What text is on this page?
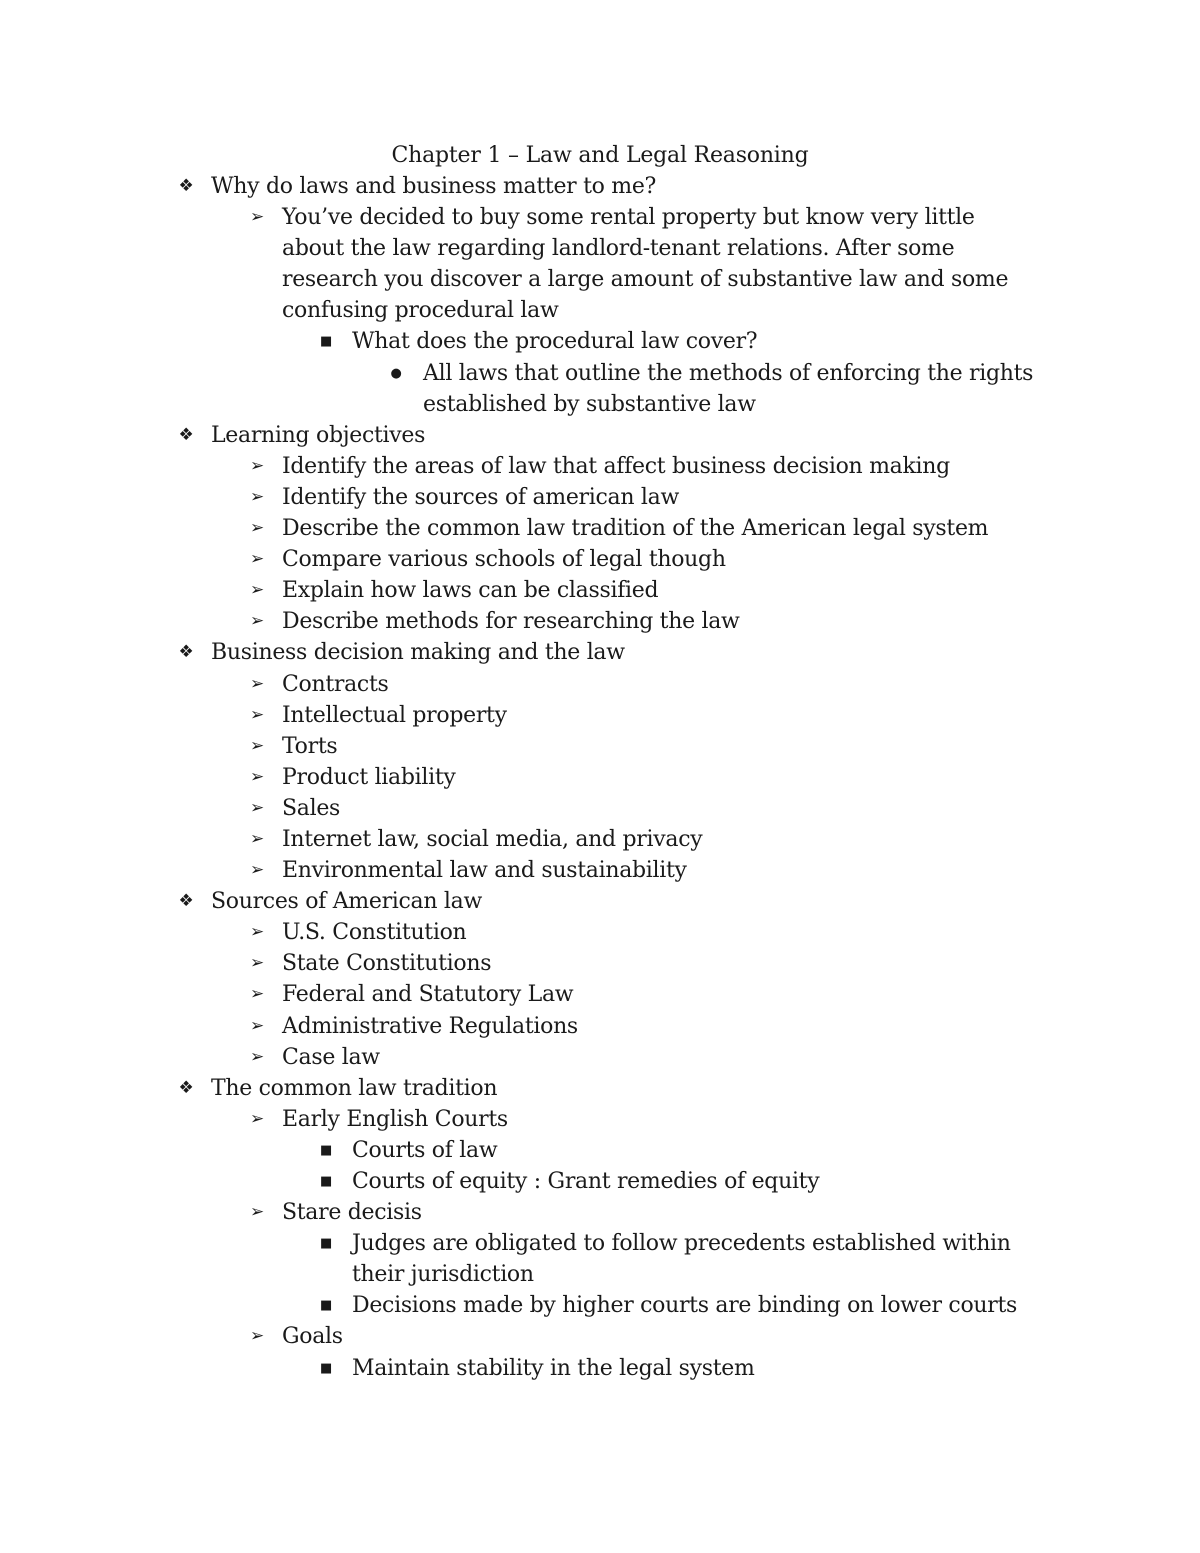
Chapter 1 – Law and Legal Reasoning
❖ Why do laws and business matter to me?
➢ You’ve decided to buy some rental property but know very little about the law regarding landlord-tenant relations. After some research you discover a large amount of substantive law and some confusing procedural law
■ What does the procedural law cover?
● All laws that outline the methods of enforcing the rights established by substantive law
❖ Learning objectives
➢ Identify the areas of law that affect business decision making
➢ Identify the sources of american law
➢ Describe the common law tradition of the American legal system
➢ Compare various schools of legal though
➢ Explain how laws can be classified
➢ Describe methods for researching the law
❖ Business decision making and the law
➢ Contracts
➢ Intellectual property
➢ Torts
➢ Product liability
➢ Sales
➢ Internet law, social media, and privacy
➢ Environmental law and sustainability
❖ Sources of American law
➢ U.S. Constitution
➢ State Constitutions
➢ Federal and Statutory Law
➢ Administrative Regulations
➢ Case law
❖ The common law tradition
➢ Early English Courts
■ Courts of law
■ Courts of equity : Grant remedies of equity
➢ Stare decisis
■ Judges are obligated to follow precedents established within their jurisdiction
■ Decisions made by higher courts are binding on lower courts
➢ Goals
■ Maintain stability in the legal system
